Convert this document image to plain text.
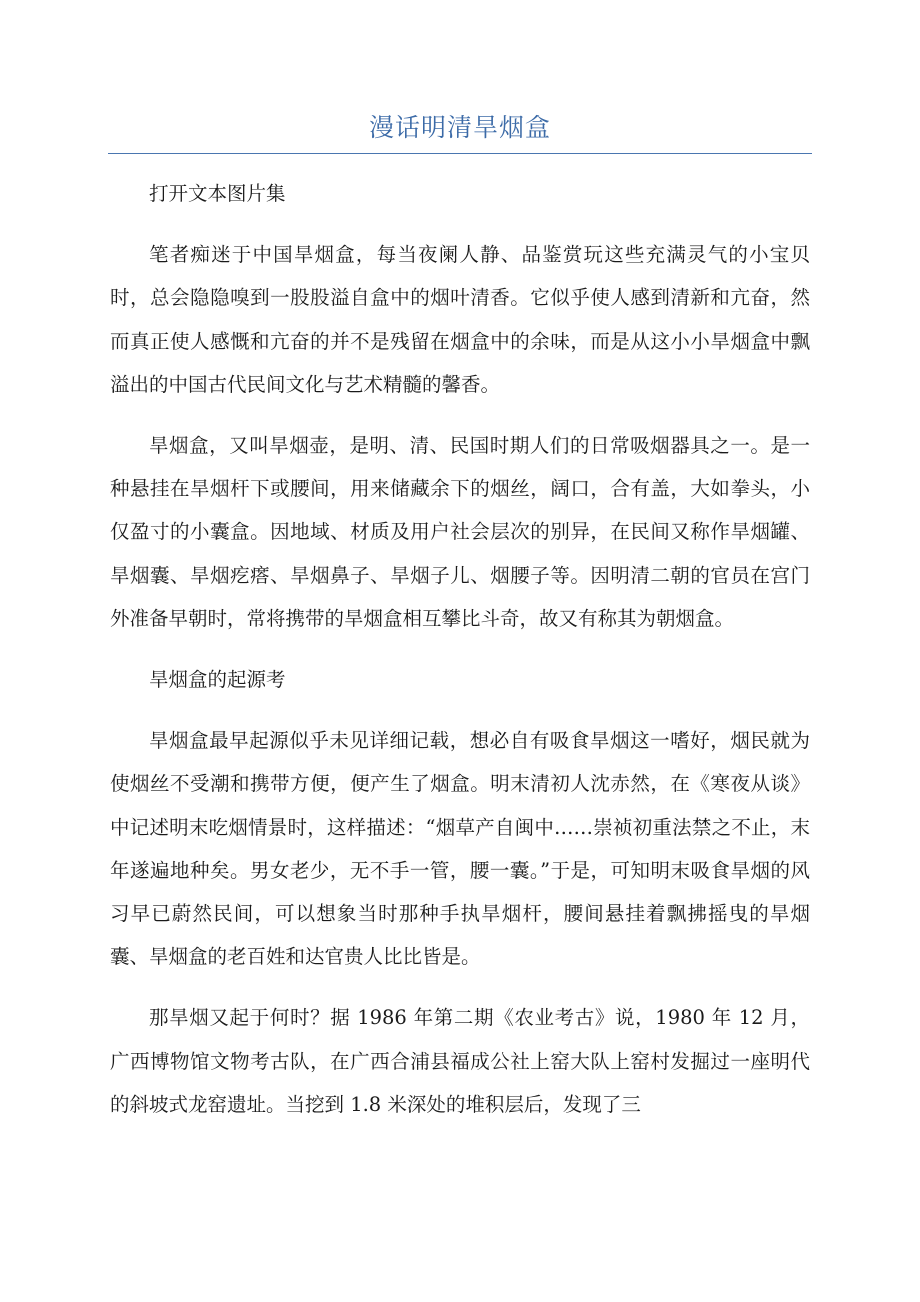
漫话明清旱烟盒

打开文本图片集

笔者痴迷于中国旱烟盒，每当夜阑人静、品鉴赏玩这些充满灵气的小宝贝时，总会隐隐嗅到一股股溢自盒中的烟叶清香。它似乎使人感到清新和亢奋，然而真正使人感慨和亢奋的并不是残留在烟盒中的余味，而是从这小小旱烟盒中飘溢出的中国古代民间文化与艺术精髓的馨香。

旱烟盒，又叫旱烟壶，是明、清、民国时期人们的日常吸烟器具之一。是一种悬挂在旱烟杆下或腰间，用来储藏余下的烟丝，阔口，合有盖，大如拳头，小仅盈寸的小囊盒。因地域、材质及用户社会层次的别异，在民间又称作旱烟罐、旱烟囊、旱烟疙瘩、旱烟鼻子、旱烟子儿、烟腰子等。因明清二朝的官员在宫门外准备早朝时，常将携带的旱烟盒相互攀比斗奇，故又有称其为朝烟盒。

旱烟盒的起源考

旱烟盒最早起源似乎未见详细记载，想必自有吸食旱烟这一嗜好，烟民就为使烟丝不受潮和携带方便，便产生了烟盒。明末清初人沈赤然，在《寒夜从谈》中记述明末吃烟情景时，这样描述：“烟草产自闽中……崇祯初重法禁之不止，末年遂遍地种矣。男女老少，无不手一管，腰一囊。”于是，可知明末吸食旱烟的风习早已蔚然民间，可以想象当时那种手执旱烟杆，腰间悬挂着飘拂摇曳的旱烟囊、旱烟盒的老百姓和达官贵人比比皆是。

那旱烟又起于何时？据 1986 年第二期《农业考古》说，1980 年 12 月，广西博物馆文物考古队，在广西合浦县福成公社上窑大队上窑村发掘过一座明代的斜坡式龙窑遗址。当挖到 1.8 米深处的堆积层后，发现了三
